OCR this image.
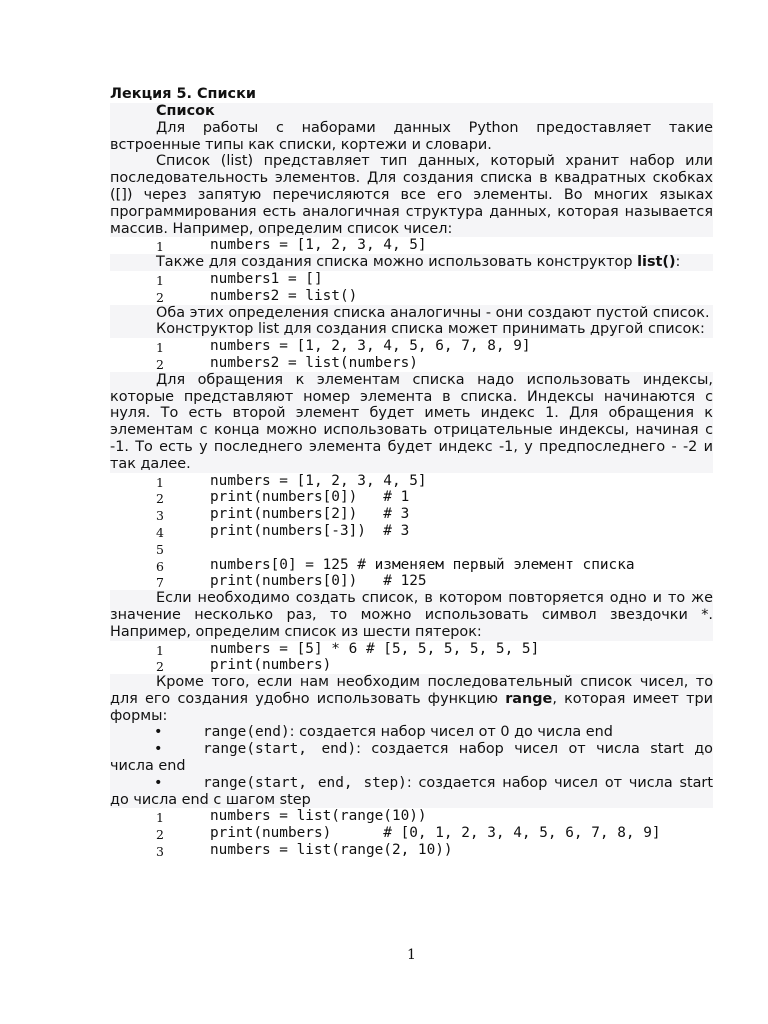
Лекция 5. Списки
Список
Для работы с наборами данных Python предоставляет такие встроенные типы как списки, кортежи и словари.
Список (list) представляет тип данных, который хранит набор или последовательность элементов. Для создания списка в квадратных скобках ([]) через запятую перечисляются все его элементы. Во многих языках программирования есть аналогичная структура данных, которая называется массив. Например, определим список чисел:
1	numbers = [1, 2, 3, 4, 5]
Также для создания списка можно использовать конструктор list():
1	numbers1 = []
2	numbers2 = list()
Оба этих определения списка аналогичны - они создают пустой список.
Конструктор list для создания списка может принимать другой список:
1	numbers = [1, 2, 3, 4, 5, 6, 7, 8, 9]
2	numbers2 = list(numbers)
Для обращения к элементам списка надо использовать индексы, которые представляют номер элемента в списка. Индексы начинаются с нуля. То есть второй элемент будет иметь индекс 1. Для обращения к элементам с конца можно использовать отрицательные индексы, начиная с -1. То есть у последнего элемента будет индекс -1, у предпоследнего - -2 и так далее.
1	numbers = [1, 2, 3, 4, 5]
2	print(numbers[0])   # 1
3	print(numbers[2])   # 3
4	print(numbers[-3])  # 3
5
6	numbers[0] = 125 # изменяем первый элемент списка
7	print(numbers[0])   # 125
Если необходимо создать список, в котором повторяется одно и то же значение несколько раз, то можно использовать символ звездочки *. Например, определим список из шести пятерок:
1	numbers = [5] * 6 # [5, 5, 5, 5, 5, 5]
2	print(numbers)
Кроме того, если нам необходим последовательный список чисел, то для его создания удобно использовать функцию range, которая имеет три формы:
•	range(end): создается набор чисел от 0 до числа end
•	range(start, end): создается набор чисел от числа start до числа end
•	range(start, end, step): создается набор чисел от числа start до числа end с шагом step
1	numbers = list(range(10))
2	print(numbers)      # [0, 1, 2, 3, 4, 5, 6, 7, 8, 9]
3	numbers = list(range(2, 10))
1
